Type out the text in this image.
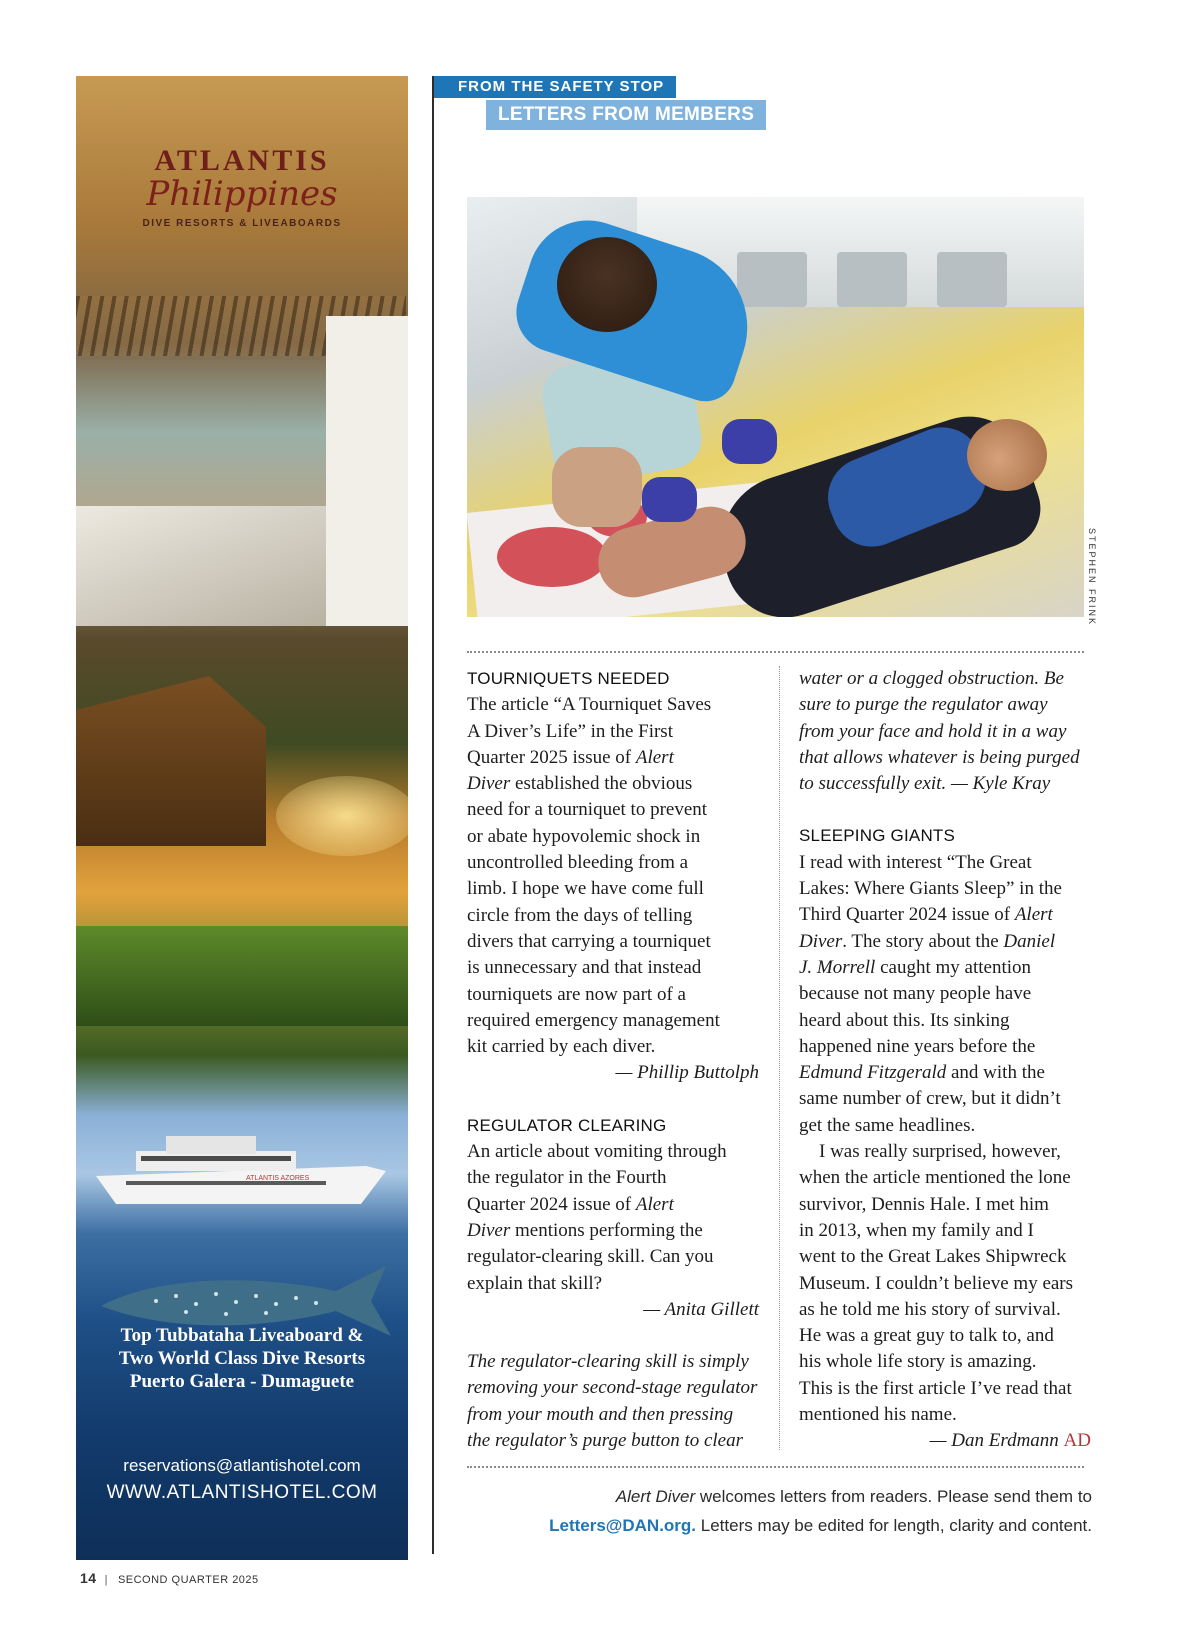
ATLANTIS AZORES
ATLANTIS
Philippines
DIVE RESORTS & LIVEABOARDS
Top Tubbataha Liveaboard &
Two World Class Dive Resorts
Puerto Galera - Dumaguete
reservations@atlantishotel.com
WWW.ATLANTISHOTEL.COM
FROM THE SAFETY STOP
LETTERS FROM MEMBERS
STEPHEN FRINK
TOURNIQUETS NEEDED

The article “A Tourniquet Saves
A Diver’s Life” in the First
Quarter 2025 issue of Alert
Diver established the obvious
need for a tourniquet to prevent
or abate hypovolemic shock in
uncontrolled bleeding from a
limb. I hope we have come full
circle from the days of telling
divers that carrying a tourniquet
is unnecessary and that instead
tourniquets are now part of a
required emergency management
kit carried by each diver.

— Phillip Buttolph

REGULATOR CLEARING

An article about vomiting through
the regulator in the Fourth
Quarter 2024 issue of Alert
Diver mentions performing the
regulator-clearing skill. Can you
explain that skill?

— Anita Gillett

The regulator-clearing skill is simply
removing your second-stage regulator
from your mouth and then pressing
the regulator’s purge button to clear

water or a clogged obstruction. Be
sure to purge the regulator away
from your face and hold it in a way
that allows whatever is being purged
to successfully exit. — Kyle Kray

SLEEPING GIANTS

I read with interest “The Great
Lakes: Where Giants Sleep” in the
Third Quarter 2024 issue of Alert
Diver. The story about the Daniel
J. Morrell caught my attention
because not many people have
heard about this. Its sinking
happened nine years before the
Edmund Fitzgerald and with the
same number of crew, but it didn’t
get the same headlines.

I was really surprised, however,
when the article mentioned the lone
survivor, Dennis Hale. I met him
in 2013, when my family and I
went to the Great Lakes Shipwreck
Museum. I couldn’t believe my ears
as he told me his story of survival.
He was a great guy to talk to, and
his whole life story is amazing.
This is the first article I’ve read that
mentioned his name.

— Dan Erdmann AD

Alert Diver welcomes letters from readers. Please send them to
Letters@DAN.org. Letters may be edited for length, clarity and content.
14 | SECOND QUARTER 2025
